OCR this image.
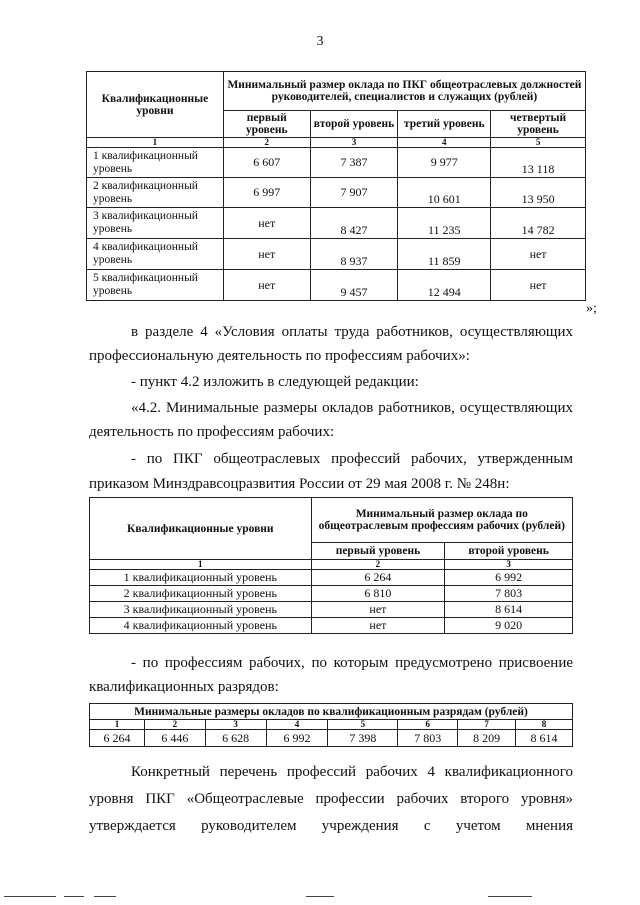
3
Квалификационные уровни	Минимальный размер оклада по ПКГ общеотраслевых должностей руководителей, специалистов и служащих (рублей)			
	первый уровень	второй уровень	третий уровень	четвертый уровень
1	2	3	4	5
1 квалификационный уровень	6 607	7 387	9 977	13 118
2 квалификационный уровень	6 997	7 907	10 601	13 950
3 квалификационный уровень	нет	8 427	11 235	14 782
4 квалификационный уровень	нет	8 937	11 859	нет
5 квалификационный уровень	нет	9 457	12 494	нет
»;
в разделе 4 «Условия оплаты труда работников, осуществляющих
профессиональную деятельность по профессиям рабочих»:
- пункт 4.2 изложить в следующей редакции:
«4.2. Минимальные размеры окладов работников, осуществляющих
деятельность по профессиям рабочих:
- по ПКГ общеотраслевых профессий рабочих, утвержденным
приказом Минздравсоцразвития России от 29 мая 2008 г. № 248н:
Квалификационные уровни	Минимальный размер оклада по общеотраслевым профессиям рабочих (рублей)	
	первый уровень	второй уровень
1	2	3
1 квалификационный уровень	6 264	6 992
2 квалификационный уровень	6 810	7 803
3 квалификационный уровень	нет	8 614
4 квалификационный уровень	нет	9 020
- по профессиям рабочих, по которым предусмотрено присвоение
квалификационных разрядов:
Минимальные размеры окладов по квалификационным разрядам (рублей)							
1	2	3	4	5	6	7	8
6 264	6 446	6 628	6 992	7 398	7 803	8 209	8 614
Конкретный перечень профессий рабочих 4 квалификационного
уровня ПКГ «Общеотраслевые профессии рабочих второго уровня»
утверждается руководителем учреждения с учетом мнения
